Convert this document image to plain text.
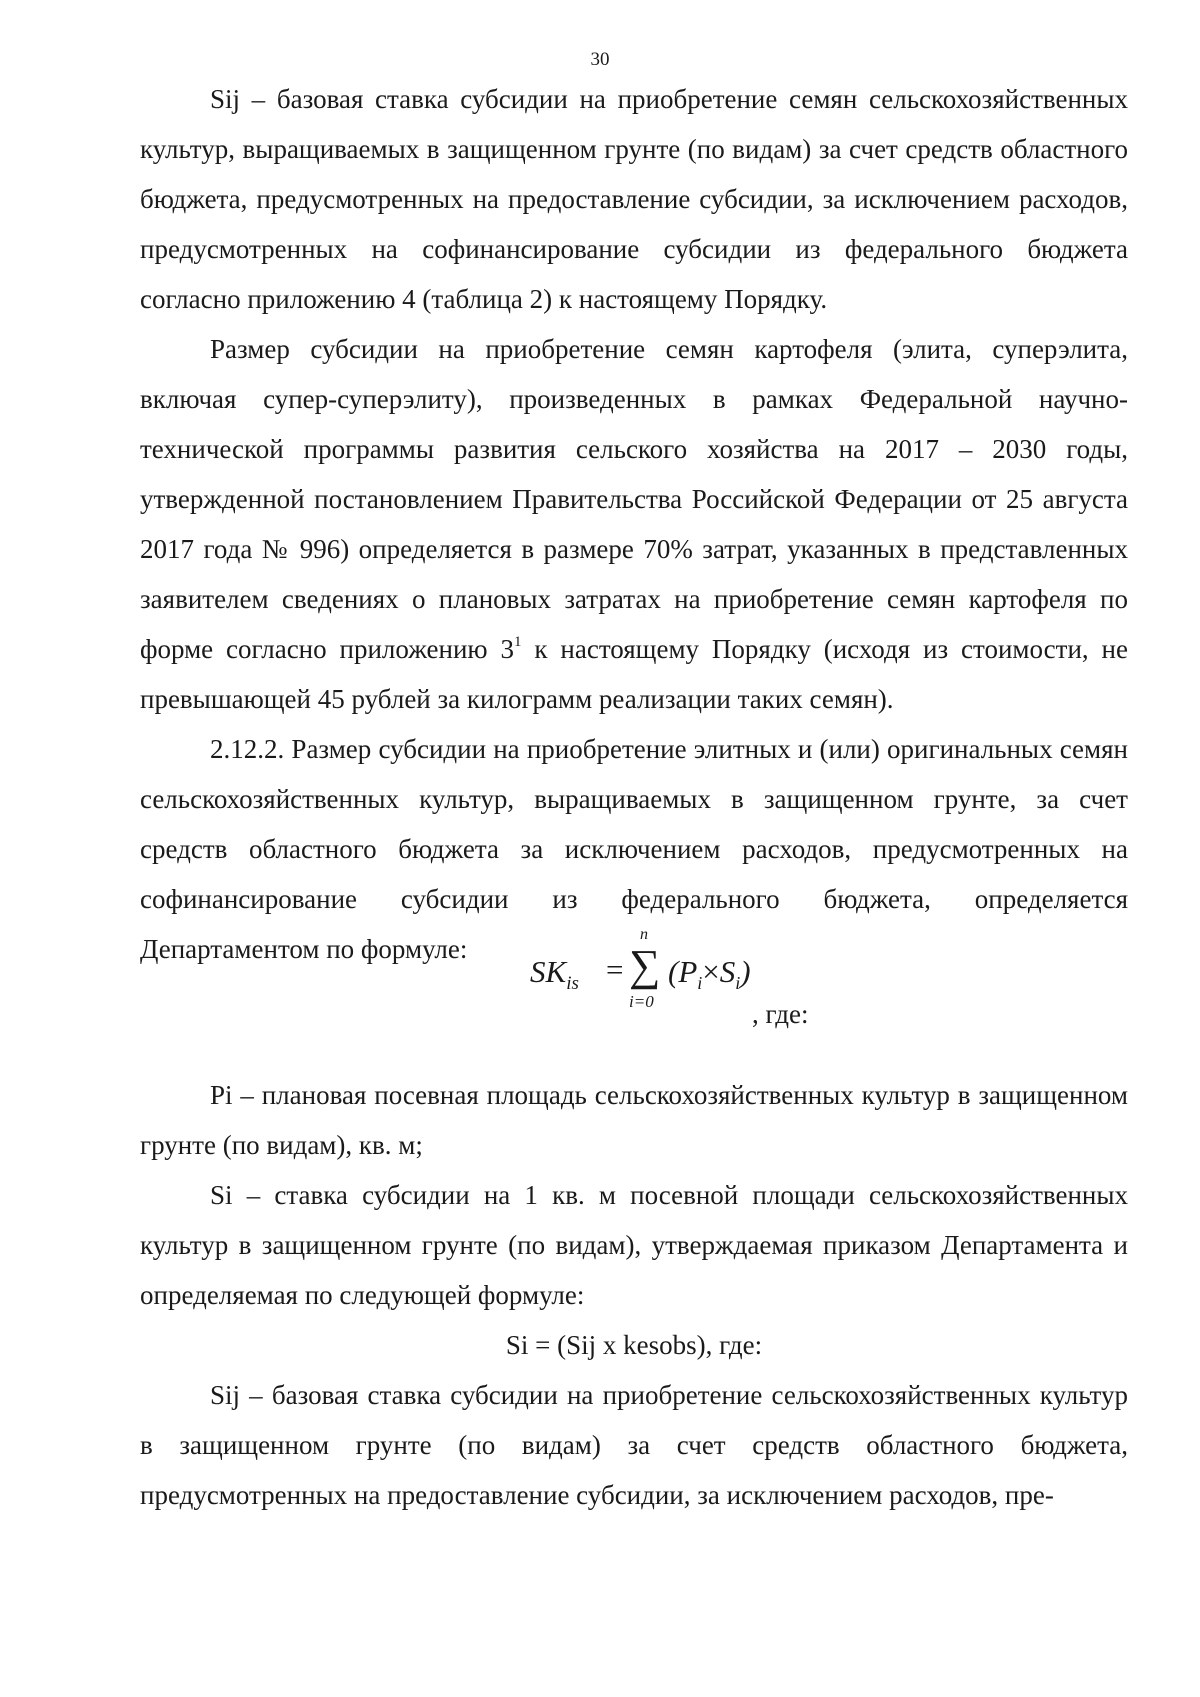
30

Sij – базовая ставка субсидии на приобретение семян сельскохозяйственных культур, выращиваемых в защищенном грунте (по видам) за счет средств областного бюджета, предусмотренных на предоставление субсидии, за исключением расходов, предусмотренных на софинансирование субсидии из федерального бюджета согласно приложению 4 (таблица 2) к настоящему Порядку.

Размер субсидии на приобретение семян картофеля (элита, суперэлита, включая супер-суперэлиту), произведенных в рамках Федеральной научно-технической программы развития сельского хозяйства на 2017 – 2030 годы, утвержденной постановлением Правительства Российской Федерации от 25 августа 2017 года № 996) определяется в размере 70% затрат, указанных в представленных заявителем сведениях о плановых затратах на приобретение семян картофеля по форме согласно приложению $3^1$ к настоящему Порядку (исходя из стоимости, не превышающей 45 рублей за килограмм реализации таких семян).

2.12.2. Размер субсидии на приобретение элитных и (или) оригинальных семян сельскохозяйственных культур, выращиваемых в защищенном грунте, за счет средств областного бюджета за исключением расходов, предусмотренных на софинансирование субсидии из федерального бюджета, определяется Департаментом по формуле:

$SK_{is}$ =
n
∑
i=0
$(P_i\times S_i)$
, где:

Pi – плановая посевная площадь сельскохозяйственных культур в защищенном грунте (по видам), кв. м;

Si – ставка субсидии на 1 кв. м посевной площади сельскохозяйственных культур в защищенном грунте (по видам), утверждаемая приказом Департамента и определяемая по следующей формуле:

Si = (Sij x kesobs), где:

Sij – базовая ставка субсидии на приобретение сельскохозяйственных культур в защищенном грунте (по видам) за счет средств областного бюджета, предусмотренных на предоставление субсидии, за исключением расходов, пре-
